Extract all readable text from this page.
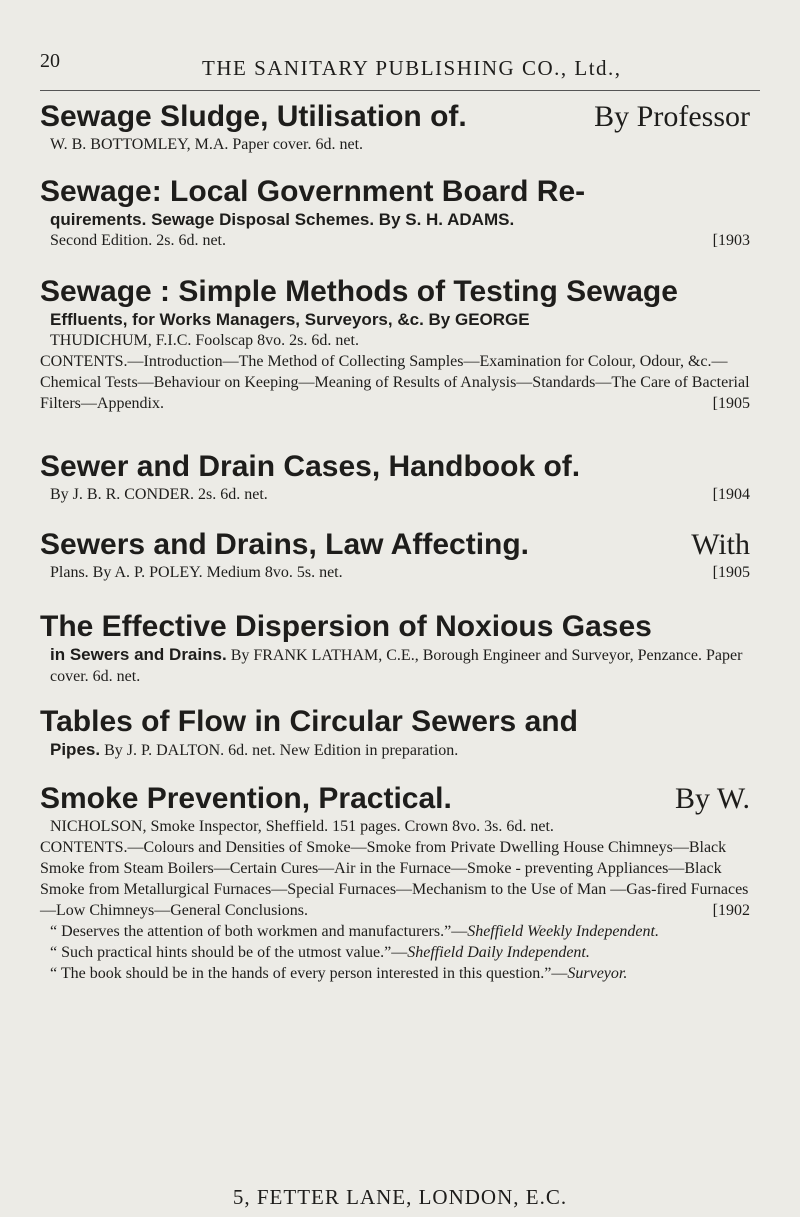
20	THE SANITARY PUBLISHING CO., Ltd.,

Sewage Sludge, Utilisation of.	By Professor

W. B. BOTTOMLEY, M.A. Paper cover. 6d. net.

Sewage: Local Government Board Re-

quirements. Sewage Disposal Schemes. By S. H. ADAMS.

Second Edition. 2s. 6d. net.	[1903

Sewage : Simple Methods of Testing Sewage

Effluents, for Works Managers, Surveyors, &c. By GEORGE

THUDICHUM, F.I.C. Foolscap 8vo. 2s. 6d. net.

CONTENTS.—Introduction—The Method of Collecting Samples—Examination for Colour, Odour, &c.—Chemical Tests—Behaviour on Keeping—Meaning of Results of Analysis—Standards—The Care of Bacterial Filters—Appendix.	[1905

Sewer and Drain Cases, Handbook of.

By J. B. R. CONDER. 2s. 6d. net.	[1904

Sewers and Drains, Law Affecting.	With

Plans. By A. P. POLEY. Medium 8vo. 5s. net.	[1905

The Effective Dispersion of Noxious Gases

in Sewers and Drains. By FRANK LATHAM, C.E., Borough Engineer and Surveyor, Penzance. Paper cover. 6d. net.

Tables of Flow in Circular Sewers and

Pipes. By J. P. DALTON. 6d. net. New Edition in preparation.

Smoke Prevention, Practical.	By W.

NICHOLSON, Smoke Inspector, Sheffield. 151 pages. Crown 8vo. 3s. 6d. net.

CONTENTS.—Colours and Densities of Smoke—Smoke from Private Dwelling House Chimneys—Black Smoke from Steam Boilers—Certain Cures—Air in the Furnace—Smoke - preventing Appliances—Black Smoke from Metallurgical Furnaces—Special Furnaces—Mechanism to the Use of Man —Gas-fired Furnaces—Low Chimneys—General Conclusions.	[1902

“ Deserves the attention of both workmen and manufacturers.”—Sheffield Weekly Independent.

“ Such practical hints should be of the utmost value.”—Sheffield Daily Independent.

“ The book should be in the hands of every person interested in this question.”—Surveyor.

5, FETTER LANE, LONDON, E.C.
